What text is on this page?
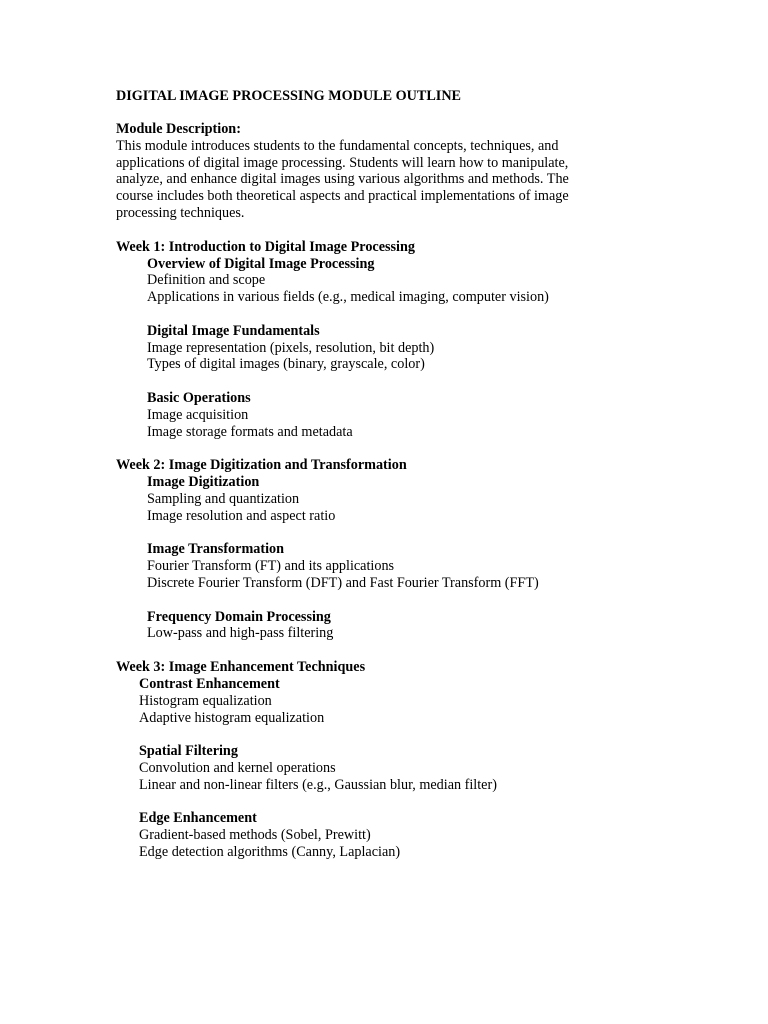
DIGITAL IMAGE PROCESSING MODULE OUTLINE
Module Description:
This module introduces students to the fundamental concepts, techniques, and
applications of digital image processing. Students will learn how to manipulate,
analyze, and enhance digital images using various algorithms and methods. The
course includes both theoretical aspects and practical implementations of image
processing techniques.
Week 1: Introduction to Digital Image Processing
Overview of Digital Image Processing
Definition and scope
Applications in various fields (e.g., medical imaging, computer vision)
Digital Image Fundamentals
Image representation (pixels, resolution, bit depth)
Types of digital images (binary, grayscale, color)
Basic Operations
Image acquisition
Image storage formats and metadata
Week 2: Image Digitization and Transformation
Image Digitization
Sampling and quantization
Image resolution and aspect ratio
Image Transformation
Fourier Transform (FT) and its applications
Discrete Fourier Transform (DFT) and Fast Fourier Transform (FFT)
Frequency Domain Processing
Low-pass and high-pass filtering
Week 3: Image Enhancement Techniques
Contrast Enhancement
Histogram equalization
Adaptive histogram equalization
Spatial Filtering
Convolution and kernel operations
Linear and non-linear filters (e.g., Gaussian blur, median filter)
Edge Enhancement
Gradient-based methods (Sobel, Prewitt)
Edge detection algorithms (Canny, Laplacian)
